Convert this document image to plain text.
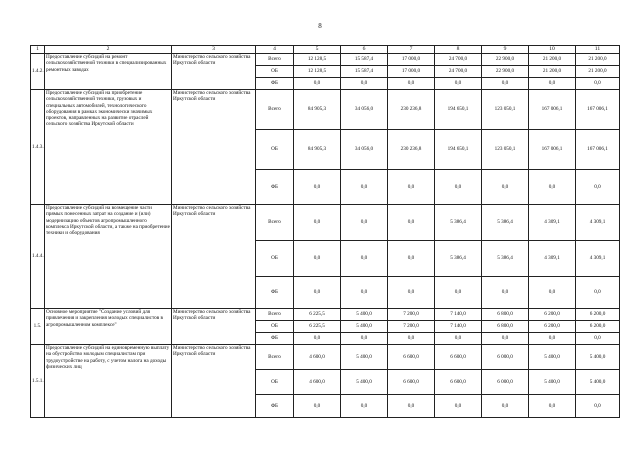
8
1	2	3	4	5	6	7	8	9	10	11
1.4.2.	Предоставление субсидий на ремонт сельскохозяйственной техники в специализированных ремонтных заводах	Министерство сельского хозяйства Иркутской области	Всего	12 128,5	15 587,4	17 000,0	24 700,0	22 900,0	21 200,0	21 200,0
			ОБ	12 128,5	15 587,4	17 000,0	24 700,0	22 900,0	21 200,0	21 200,0
			ФБ	0,0	0,0	0,0	0,0	0,0	0,0	0,0
1.4.3.	Предоставление субсидий на приобретение сельскохозяйственной техники, грузовых и специальных автомобилей, технологического оборудования в рамках экономически значимых проектов, направленных на развитие отраслей сельского хозяйства Иркутской области	Министерство сельского хозяйства Иркутской области	Всего	84 905,3	34 056,0	230 236,8	194 650,1	123 050,1	167 006,1	167 006,1
			ОБ	84 905,3	34 056,0	230 236,8	194 650,1	123 050,1	167 006,1	167 006,1
			ФБ	0,0	0,0	0,0	0,0	0,0	0,0	0,0
1.4.4.	Предоставление субсидий на возмещение части прямых понесенных затрат на создание и (или) модернизацию объектов агропромышленного комплекса Иркутской области, а также на приобретение техники и оборудования	Министерство сельского хозяйства Иркутской области	Всего	0,0	0,0	0,0	5 386,4	5 386,4	4 309,1	4 309,1
			ОБ	0,0	0,0	0,0	5 386,4	5 386,4	4 309,1	4 309,1
			ФБ	0,0	0,0	0,0	0,0	0,0	0,0	0,0
1.5.	Основное мероприятие "Создание условий для привлечения и закрепления молодых специалистов в агропромышленном комплексе"	Министерство сельского хозяйства Иркутской области	Всего	6 225,5	5 400,0	7 200,0	7 140,0	6 800,0	6 200,0	6 200,0
			ОБ	6 225,5	5 400,0	7 200,0	7 140,0	6 800,0	6 200,0	6 200,0
			ФБ	0,0	0,0	0,0	0,0	0,0	0,0	0,0
1.5.1.	Предоставление субсидий на единовременную выплату на обустройство молодым специалистам при трудоустройстве на работу, с учетом налога на доходы физических лиц	Министерство сельского хозяйства Иркутской области	Всего	4 600,0	5 400,0	6 600,0	6 600,0	6 000,0	5 400,0	5 400,0
			ОБ	4 600,0	5 400,0	6 600,0	6 600,0	6 000,0	5 400,0	5 400,0
			ФБ	0,0	0,0	0,0	0,0	0,0	0,0	0,0
